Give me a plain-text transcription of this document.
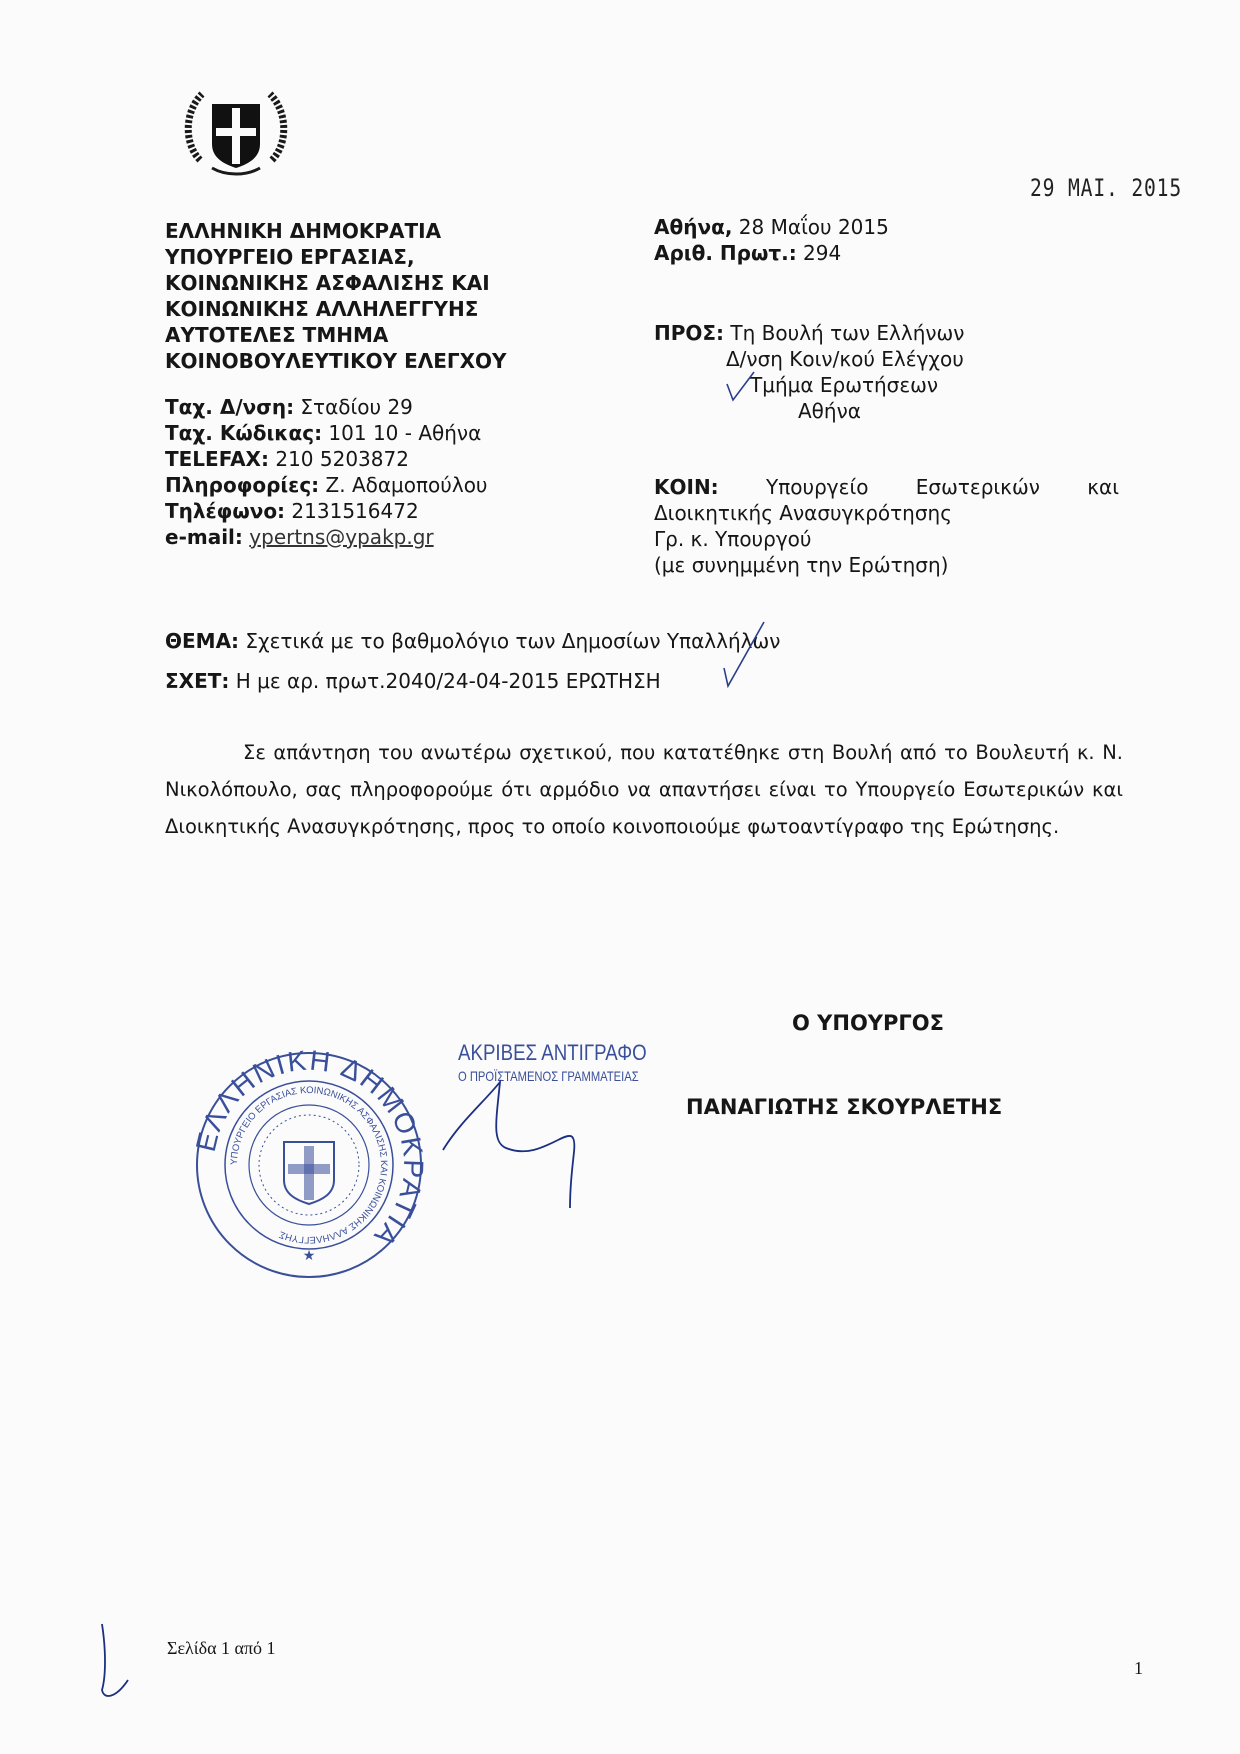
29 MAI. 2015
ΕΛΛΗΝΙΚΗ ΔΗΜΟΚΡΑΤΙΑ
ΥΠΟΥΡΓΕΙΟ ΕΡΓΑΣΙΑΣ,
ΚΟΙΝΩΝΙΚΗΣ ΑΣΦΑΛΙΣΗΣ ΚΑΙ
ΚΟΙΝΩΝΙΚΗΣ ΑΛΛΗΛΕΓΓΥΗΣ
ΑΥΤΟΤΕΛΕΣ ΤΜΗΜΑ
ΚΟΙΝΟΒΟΥΛΕΥΤΙΚΟΥ ΕΛΕΓΧΟΥ
Ταχ. Δ/νση: Σταδίου 29
Ταχ. Κώδικας: 101 10 - Αθήνα
TELEFAX: 210 5203872
Πληροφορίες: Ζ. Αδαμοπούλου
Τηλέφωνο: 2131516472
e-mail: ypertns@ypakp.gr
Αθήνα, 28 Μαΐου 2015
Αριθ. Πρωτ.: 294
ΠΡΟΣ: Τη Βουλή των Ελλήνων
Δ/νση Κοιν/κού Ελέγχου
Τμήμα Ερωτήσεων
Αθήνα
ΚΟΙΝ: Υπουργείο Εσωτερικών και
Διοικητικής Ανασυγκρότησης
Γρ. κ. Υπουργού
(με συνημμένη την Ερώτηση)
ΘΕΜΑ: Σχετικά με το βαθμολόγιο των Δημοσίων Υπαλλήλων
ΣΧΕΤ: Η με αρ. πρωτ.2040/24-04-2015 ΕΡΩΤΗΣΗ
Σε απάντηση του ανωτέρω σχετικού, που κατατέθηκε στη Βουλή από το Βουλευτή κ. Ν. Νικολόπουλο, σας πληροφορούμε ότι αρμόδιο να απαντήσει είναι το Υπουργείο Εσωτερικών και Διοικητικής Ανασυγκρότησης, προς το οποίο κοινοποιούμε φωτοαντίγραφο της Ερώτησης.
Ο ΥΠΟΥΡΓΟΣ
ΠΑΝΑΓΙΩΤΗΣ ΣΚΟΥΡΛΕΤΗΣ
ΑΚΡΙΒΕΣ ΑΝΤΙΓΡΑΦΟ
Ο ΠΡΟΪΣΤΑΜΕΝΟΣ ΓΡΑΜΜΑΤΕΙΑΣ
ΕΛΛΗΝΙΚΗ ΔΗΜΟΚ ΑΤΙΑ
ΥΠΟΥΡΓΕΙΟ ΕΡΓΑΣΙΑΣ ΚΟΙΝΩΝΙΚΗΣ ΑΣΦΑΛΙΣΗΣ ΚΑΙ ΚΟΙΝΩΝΙΚΗΣ ΑΛΛΗΛΕΓΓΥΗΣ
★
Σελίδα 1 από 1
1
